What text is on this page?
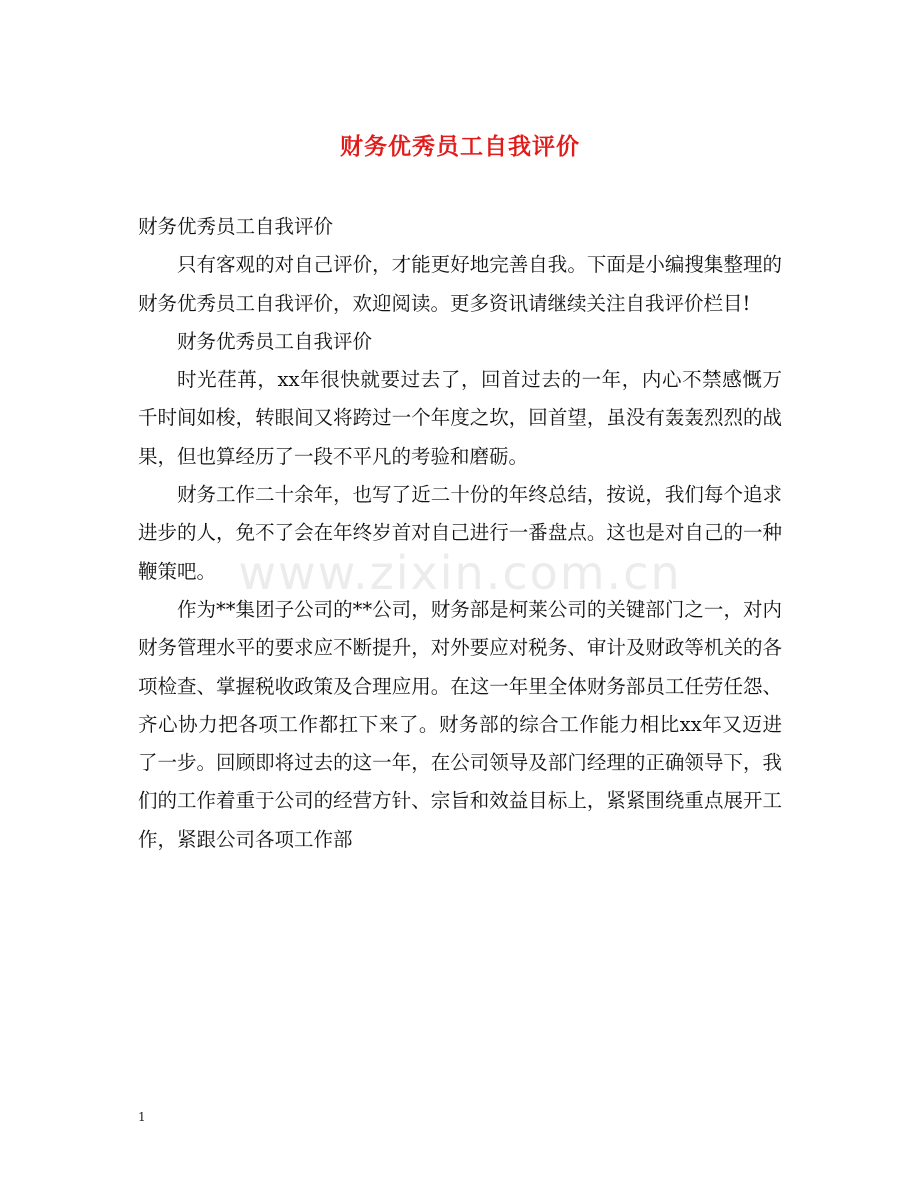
财务优秀员工自我评价
www.zixin.com.cn

财务优秀员工自我评价

只有客观的对自己评价，才能更好地完善自我。下面是小编搜集整理的财务优秀员工自我评价，欢迎阅读。更多资讯请继续关注自我评价栏目!

财务优秀员工自我评价

时光荏苒，xx年很快就要过去了，回首过去的一年，内心不禁感慨万千时间如梭，转眼间又将跨过一个年度之坎，回首望，虽没有轰轰烈烈的战果，但也算经历了一段不平凡的考验和磨砺。

财务工作二十余年，也写了近二十份的年终总结，按说，我们每个追求进步的人，免不了会在年终岁首对自己进行一番盘点。这也是对自己的一种鞭策吧。

作为**集团子公司的**公司，财务部是柯莱公司的关键部门之一，对内财务管理水平的要求应不断提升，对外要应对税务、审计及财政等机关的各项检查、掌握税收政策及合理应用。在这一年里全体财务部员工任劳任怨、齐心协力把各项工作都扛下来了。财务部的综合工作能力相比xx年又迈进了一步。回顾即将过去的这一年，在公司领导及部门经理的正确领导下，我们的工作着重于公司的经营方针、宗旨和效益目标上，紧紧围绕重点展开工作，紧跟公司各项工作部

1
